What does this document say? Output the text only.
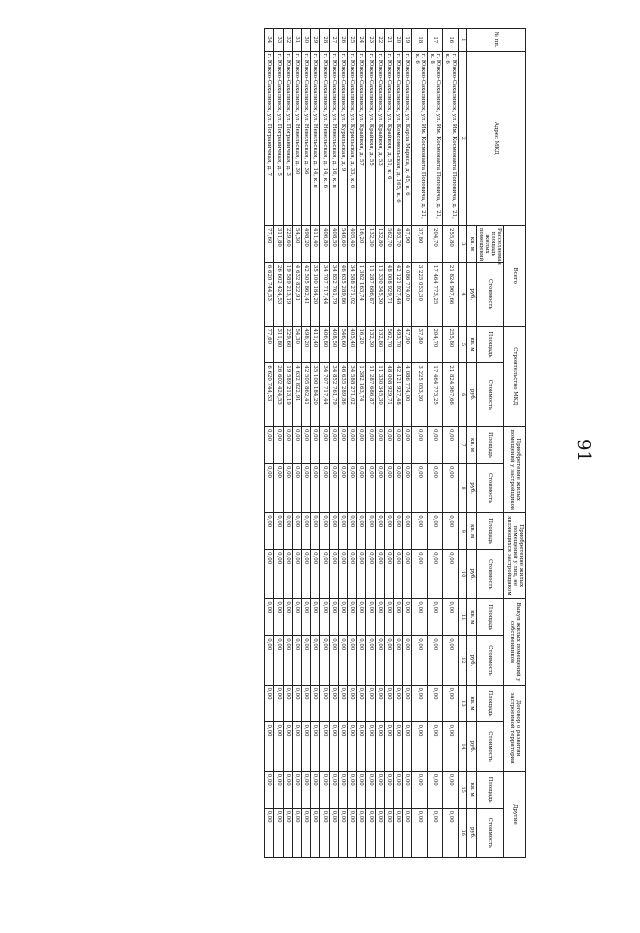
91
№ пп.	Адрес МКД	Всего		Строительство МКД		Приобретение жилых помещений у застройщиков		Приобретение жилых помещений у лиц, не являющихся застройщиком		Выкуп жилых помещений у собственников		Договор о развитии застроенной территории		Другие	
		Расселяемая площадь жилых помещений	Стоимость	Площадь	Стоимость	Площадь	Стоимость	Площадь	Стоимость	Площадь	Стоимость	Площадь	Стоимость	Площадь	Стоимость
		кв. м	руб.	кв. м	руб.	кв. м	руб.	кв. м	руб.	кв. м	руб.	кв. м	руб.	кв. м	руб.
1	2	3	4	5	6	7	8	9	10	11	12	13	14	15	16
16	г. Южно-Сахалинск, ул. Им. Космонавта Поповича, д. 21, к. 6	255,80	21 824 967,66	255,80	21 824 967,66	0,00	0,00	0,00	0,00	0,00	0,00	0,00	0,00	0,00	0,00
17	г. Южно-Сахалинск, ул. Им. Космонавта Поповича, д. 21, к. 8	204,70	17 464 773,25	204,70	17 464 773,25	0,00	0,00	0,00	0,00	0,00	0,00	0,00	0,00	0,00	0,00
18	г. Южно-Сахалинск, ул. Им. Космонавта Поповича, д. 21, к. 6	37,80	3 225 053,30	37,80	3 225 053,30	0,00	0,00	0,00	0,00	0,00	0,00	0,00	0,00	0,00	0,00
19	г. Южно-Сахалинск, ул. Карла Маркса, д. 45, к. 6	47,90	4 086 774,00	47,90	4 086 774,00	0,00	0,00	0,00	0,00	0,00	0,00	0,00	0,00	0,00	0,00
20	г. Южно-Сахалинск, ул. Комсомольская, д. 165, к. 6	493,70	42 121 927,48	493,70	42 121 927,48	0,00	0,00	0,00	0,00	0,00	0,00	0,00	0,00	0,00	0,00
21	г. Южно-Сахалинск, ул. Крайняя, д. 51, к. 6	562,70	48 008 929,71	562,70	48 008 929,71	0,00	0,00	0,00	0,00	0,00	0,00	0,00	0,00	0,00	0,00
22	г. Южно-Сахалинск, ул. Крайняя, д. 53	132,80	11 330 345,30	132,80	11 330 345,30	0,00	0,00	0,00	0,00	0,00	0,00	0,00	0,00	0,00	0,00
23	г. Южно-Сахалинск, ул. Крайняя, д. 55	132,30	11 287 686,87	132,30	11 287 686,87	0,00	0,00	0,00	0,00	0,00	0,00	0,00	0,00	0,00	0,00
24	г. Южно-Сахалинск, ул. Крайняя, д. 57	16,20	1 382 163,74	16,20	1 382 163,74	0,00	0,00	0,00	0,00	0,00	0,00	0,00	0,00	0,00	0,00
25	г. Южно-Сахалинск, ул. Курильская, д. 33, к. 6	405,40	34 588 271,02	405,40	34 588 271,02	0,00	0,00	0,00	0,00	0,00	0,00	0,00	0,00	0,00	0,00
26	г. Южно-Сахалинск, ул. Курильская, д. 9	546,60	46 635 289,86	546,60	46 635 289,86	0,00	0,00	0,00	0,00	0,00	0,00	0,00	0,00	0,00	0,00
27	г. Южно-Сахалинск, ул. Невельская, д. 16, к. в	408,50	34 852 761,79	408,50	34 852 761,79	0,00	0,00	0,00	0,00	0,00	0,00	0,00	0,00	0,00	0,00
28	г. Южно-Сахалинск, ул. Невельская, д. 14, к. 6	406,80	34 707 717,44	406,80	34 707 717,44	0,00	0,00	0,00	0,00	0,00	0,00	0,00	0,00	0,00	0,00
29	г. Южно-Сахалинск, ул. Невельская, д. 14, к. в	411,40	35 100 184,20	411,40	35 100 184,20	0,00	0,00	0,00	0,00	0,00	0,00	0,00	0,00	0,00	0,00
30	г. Южно-Сахалинск, ул. Невельская, д. 36	498,20	42 505 862,41	498,20	42 505 862,41	0,00	0,00	0,00	0,00	0,00	0,00	0,00	0,00	0,00	0,00
31	г. Южно-Сахалинск, ул. Невельская, д. 30	54,30	4 632 822,91	54,30	4 632 822,91	0,00	0,00	0,00	0,00	0,00	0,00	0,00	0,00	0,00	0,00
32	г. Южно-Сахалинск, ул. Пограничная, д. 3	229,60	19 589 213,19	229,60	19 589 213,19	0,00	0,00	0,00	0,00	0,00	0,00	0,00	0,00	0,00	0,00
33	г. Южно-Сахалинск, ул. Пограничная, д. 5	311,80	26 602 424,53	311,80	26 602 424,53	0,00	0,00	0,00	0,00	0,00	0,00	0,00	0,00	0,00	0,00
34	г. Южно-Сахалинск, ул. Пограничная, д. 7	77,60	6 620 744,53	77,60	6 620 744,53	0,00	0,00	0,00	0,00	0,00	0,00	0,00	0,00	0,00	0,00
